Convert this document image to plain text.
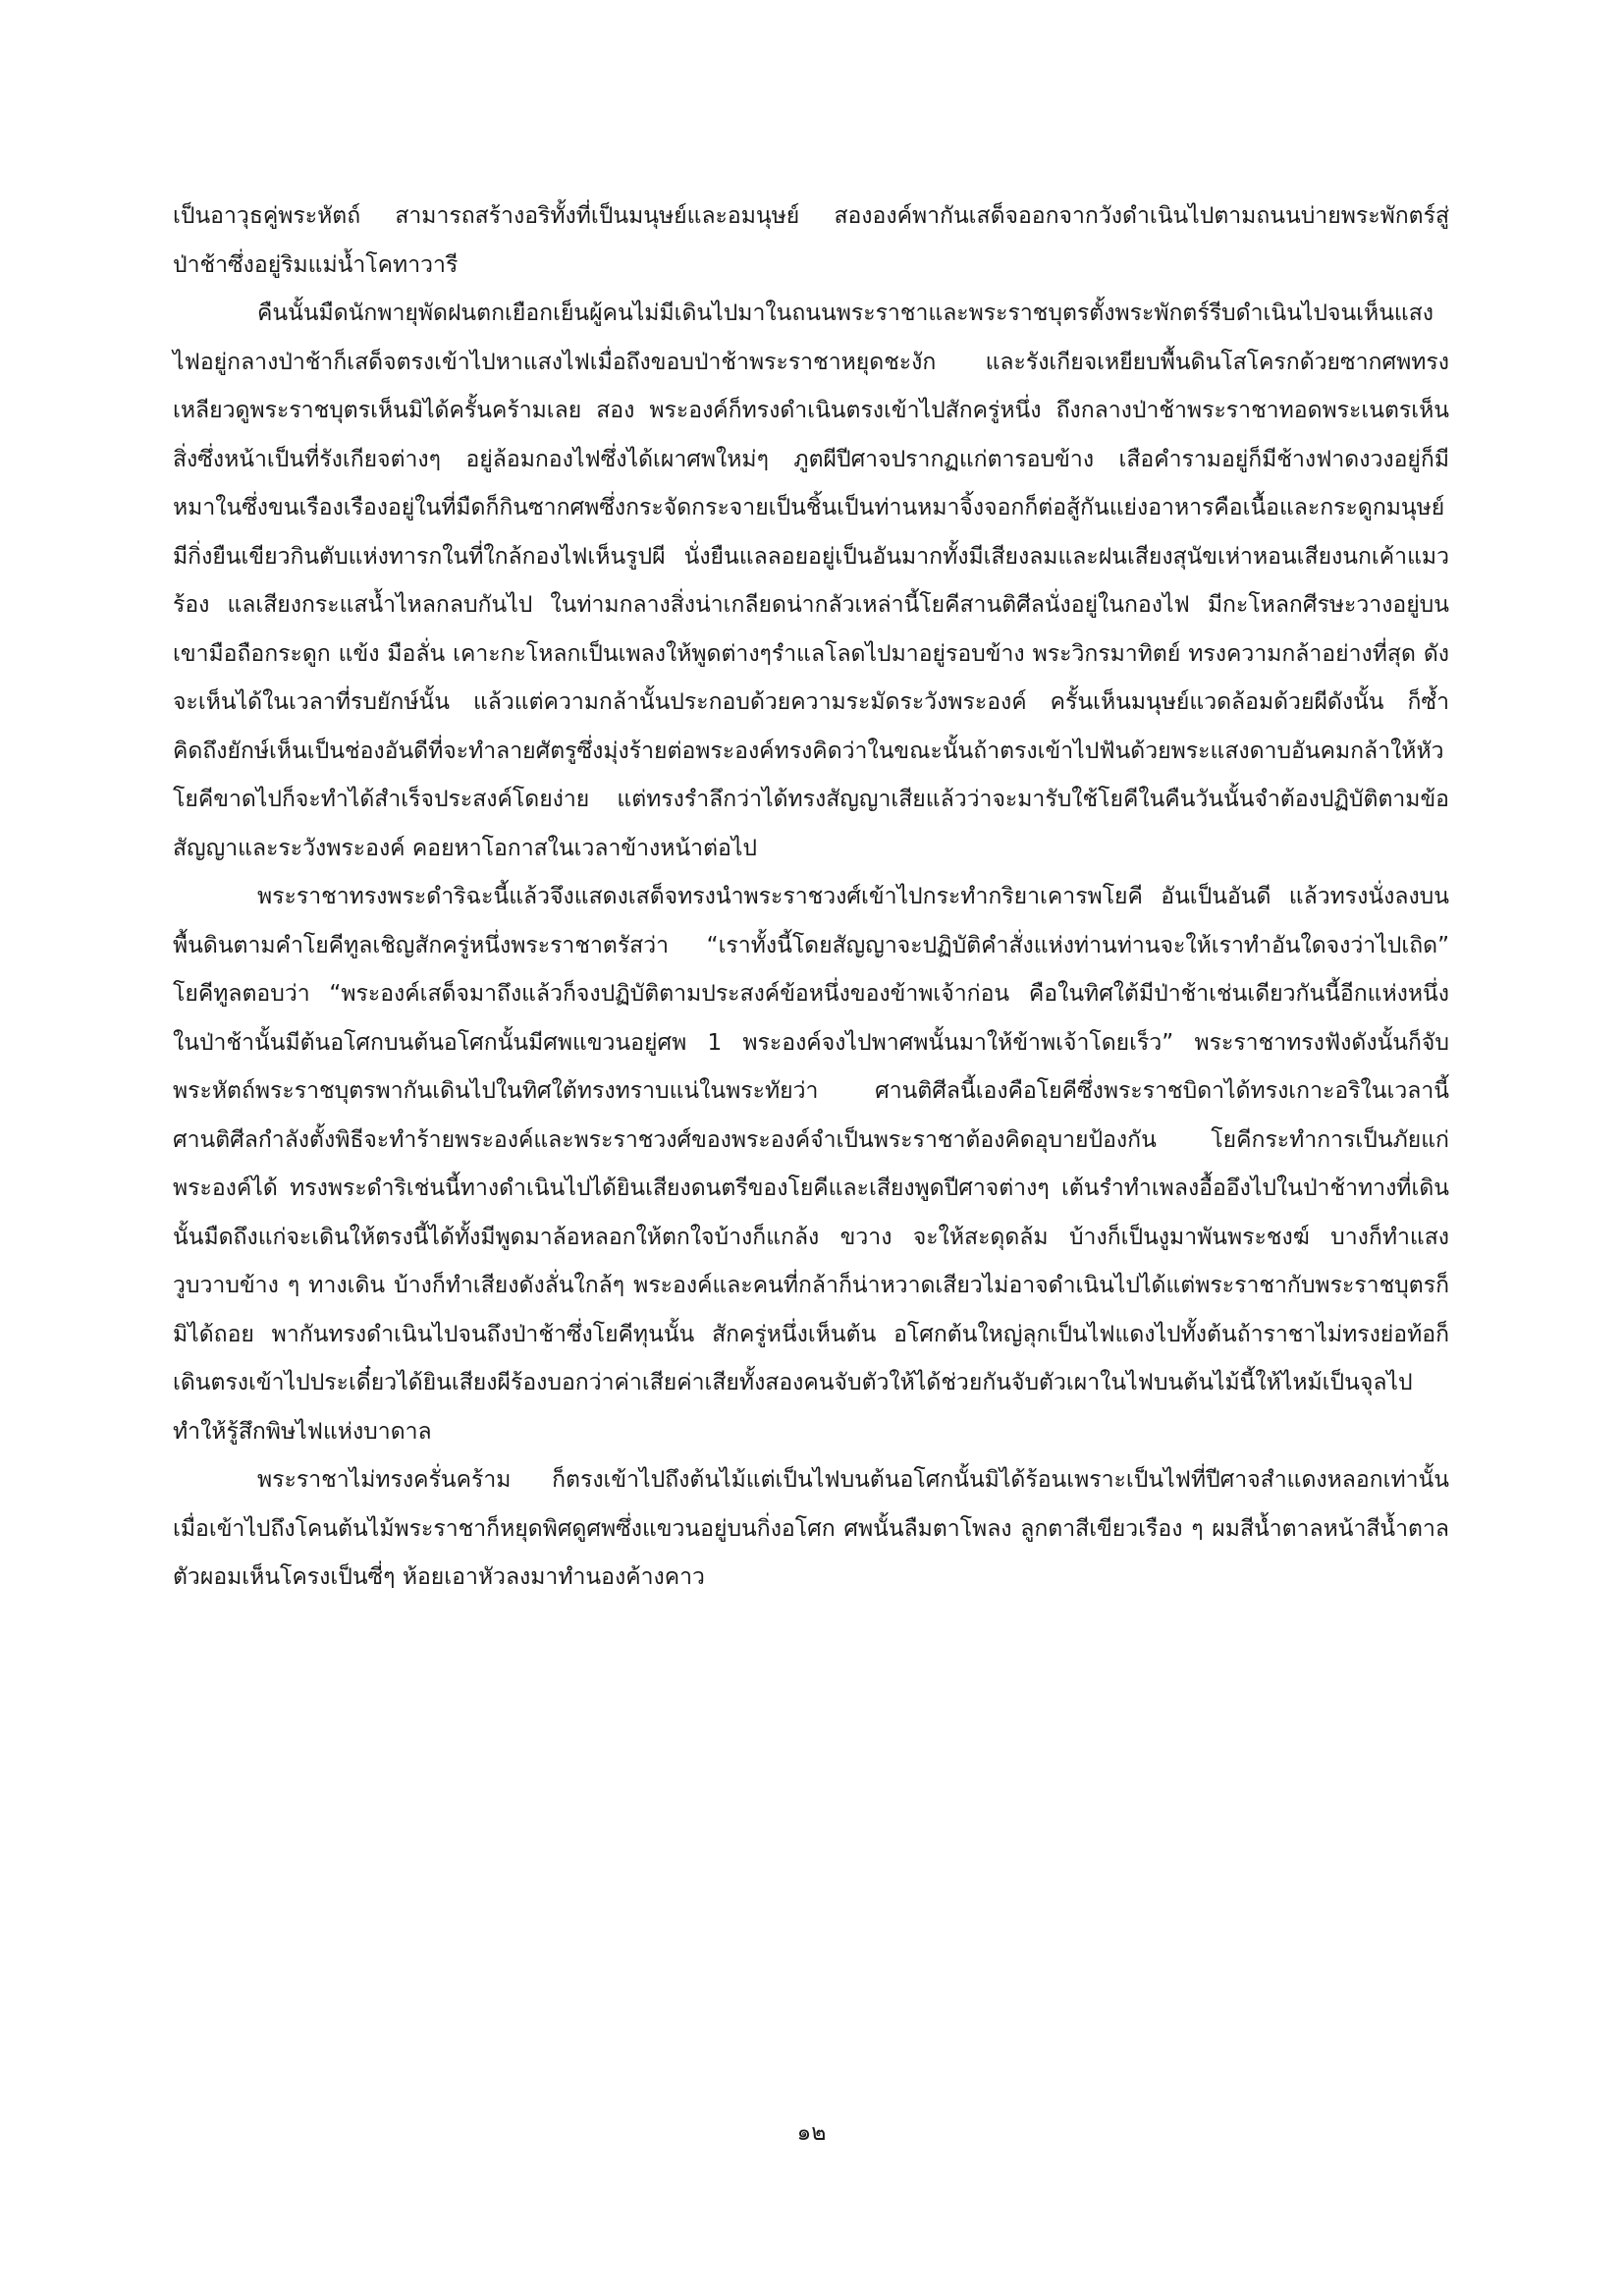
เป็นอาวุธคู่พระหัตถ์ สามารถสร้างอริทั้งที่เป็นมนุษย์และอมนุษย์ สององค์พากันเสด็จออกจากวังดำเนินไปตามถนนบ่ายพระพักตร์สู่ป่าช้าซึ่งอยู่ริมแม่น้ำโคทาวารี

คืนนั้นมืดนักพายุพัดฝนตกเยือกเย็นผู้คนไม่มีเดินไปมาในถนนพระราชาและพระราชบุตรตั้งพระพักตร์รีบดำเนินไปจนเห็นแสงไฟอยู่กลางป่าช้าก็เสด็จตรงเข้าไปหาแสงไฟเมื่อถึงขอบป่าช้าพระราชาหยุดชะงัก และรังเกียจเหยียบพื้นดินโสโครกด้วยซากศพทรงเหลียวดูพระราชบุตรเห็นมิได้ครั้นคร้ามเลย สอง พระองค์ก็ทรงดำเนินตรงเข้าไปสักครู่หนึ่ง ถึงกลางป่าช้าพระราชาทอดพระเนตรเห็นสิ่งซึ่งหน้าเป็นที่รังเกียจต่างๆ อยู่ล้อมกองไฟซึ่งได้เผาศพใหม่ๆ ภูตผีปีศาจปรากฏแก่ตารอบข้าง เสือคำรามอยู่ก็มีช้างฟาดงวงอยู่ก็มีหมาในซึ่งขนเรืองเรืองอยู่ในที่มืดก็กินซากศพซึ่งกระจัดกระจายเป็นชิ้นเป็นท่านหมาจิ้งจอกก็ต่อสู้กันแย่งอาหารคือเนื้อและกระดูกมนุษย์มีกิ่งยืนเขียวกินตับแห่งทารกในที่ใกล้กองไฟเห็นรูปผี นั่งยืนแลลอยอยู่เป็นอันมากทั้งมีเสียงลมและฝนเสียงสุนัขเห่าหอนเสียงนกเค้าแมวร้อง แลเสียงกระแสน้ำไหลกลบกันไป ในท่ามกลางสิ่งน่าเกลียดน่ากลัวเหล่านี้โยคีสานติศีลนั่งอยู่ในกองไฟ มีกะโหลกศีรษะวางอยู่บนเขามือถือกระดูก แข้ง มือลั่น เคาะกะโหลกเป็นเพลงให้พูดต่างๆรำแลโลดไปมาอยู่รอบข้าง พระวิกรมาทิตย์ ทรงความกล้าอย่างที่สุด ดังจะเห็นได้ในเวลาที่รบยักษ์นั้น แล้วแต่ความกล้านั้นประกอบด้วยความระมัดระวังพระองค์ ครั้นเห็นมนุษย์แวดล้อมด้วยผีดังนั้น ก็ซ้ำคิดถึงยักษ์เห็นเป็นช่องอันดีที่จะทำลายศัตรูซึ่งมุ่งร้ายต่อพระองค์ทรงคิดว่าในขณะนั้นถ้าตรงเข้าไปฟันด้วยพระแสงดาบอันคมกล้าให้หัวโยคีขาดไปก็จะทำได้สำเร็จประสงค์โดยง่าย แต่ทรงรำลึกว่าได้ทรงสัญญาเสียแล้วว่าจะมารับใช้โยคีในคืนวันนั้นจำต้องปฏิบัติตามข้อสัญญาและระวังพระองค์ คอยหาโอกาสในเวลาข้างหน้าต่อไป

พระราชาทรงพระดำริฉะนี้แล้วจึงแสดงเสด็จทรงนำพระราชวงศ์เข้าไปกระทำกริยาเคารพโยคี อันเป็นอันดี แล้วทรงนั่งลงบนพื้นดินตามคำโยคีทูลเชิญสักครู่หนึ่งพระราชาตรัสว่า “เราทั้งนี้โดยสัญญาจะปฏิบัติคำสั่งแห่งท่านท่านจะให้เราทำอันใดจงว่าไปเถิด” โยคีทูลตอบว่า “พระองค์เสด็จมาถึงแล้วก็จงปฏิบัติตามประสงค์ข้อหนึ่งของข้าพเจ้าก่อน คือในทิศใต้มีป่าช้าเช่นเดียวกันนี้อีกแห่งหนึ่งในป่าช้านั้นมีต้นอโศกบนต้นอโศกนั้นมีศพแขวนอยู่ศพ 1 พระองค์จงไปพาศพนั้นมาให้ข้าพเจ้าโดยเร็ว” พระราชาทรงฟังดังนั้นก็จับพระหัตถ์พระราชบุตรพากันเดินไปในทิศใต้ทรงทราบแน่ในพระทัยว่า ศานติศีลนี้เองคือโยคีซึ่งพระราชบิดาได้ทรงเกาะอริในเวลานี้ศานติศีลกำลังตั้งพิธีจะทำร้ายพระองค์และพระราชวงศ์ของพระองค์จำเป็นพระราชาต้องคิดอุบายป้องกัน โยคีกระทำการเป็นภัยแก่พระองค์ได้ ทรงพระดำริเช่นนี้ทางดำเนินไปได้ยินเสียงดนตรีของโยคีและเสียงพูดปีศาจต่างๆ เต้นรำทำเพลงอื้ออึงไปในป่าช้าทางที่เดินนั้นมืดถึงแก่จะเดินให้ตรงนี้ได้ทั้งมีพูดมาล้อหลอกให้ตกใจบ้างก็แกล้ง ขวาง จะให้สะดุดล้ม บ้างก็เป็นงูมาพันพระชงฆ์ บางก็ทำแสงวูบวาบข้าง ๆ ทางเดิน บ้างก็ทำเสียงดังลั่นใกล้ๆ พระองค์และคนที่กล้าก็น่าหวาดเสียวไม่อาจดำเนินไปได้แต่พระราชากับพระราชบุตรก็มิได้ถอย พากันทรงดำเนินไปจนถึงป่าช้าซึ่งโยคีทุนนั้น สักครู่หนึ่งเห็นต้น อโศกต้นใหญ่ลุกเป็นไฟแดงไปทั้งต้นถ้าราชาไม่ทรงย่อท้อก็เดินตรงเข้าไปประเดี๋ยวได้ยินเสียงผีร้องบอกว่าค่าเสียค่าเสียทั้งสองคนจับตัวให้ได้ช่วยกันจับตัวเผาในไฟบนต้นไม้นี้ให้ไหม้เป็นจุลไปทำให้รู้สึกพิษไฟแห่งบาดาล

พระราชาไม่ทรงครั่นคร้าม ก็ตรงเข้าไปถึงต้นไม้แต่เป็นไฟบนต้นอโศกนั้นมิได้ร้อนเพราะเป็นไฟที่ปีศาจสำแดงหลอกเท่านั้นเมื่อเข้าไปถึงโคนต้นไม้พระราชาก็หยุดพิศดูศพซึ่งแขวนอยู่บนกิ่งอโศก ศพนั้นลืมตาโพลง ลูกตาสีเขียวเรือง ๆ ผมสีน้ำตาลหน้าสีน้ำตาลตัวผอมเห็นโครงเป็นซี่ๆ ห้อยเอาหัวลงมาทำนองค้างคาว

๑๒
